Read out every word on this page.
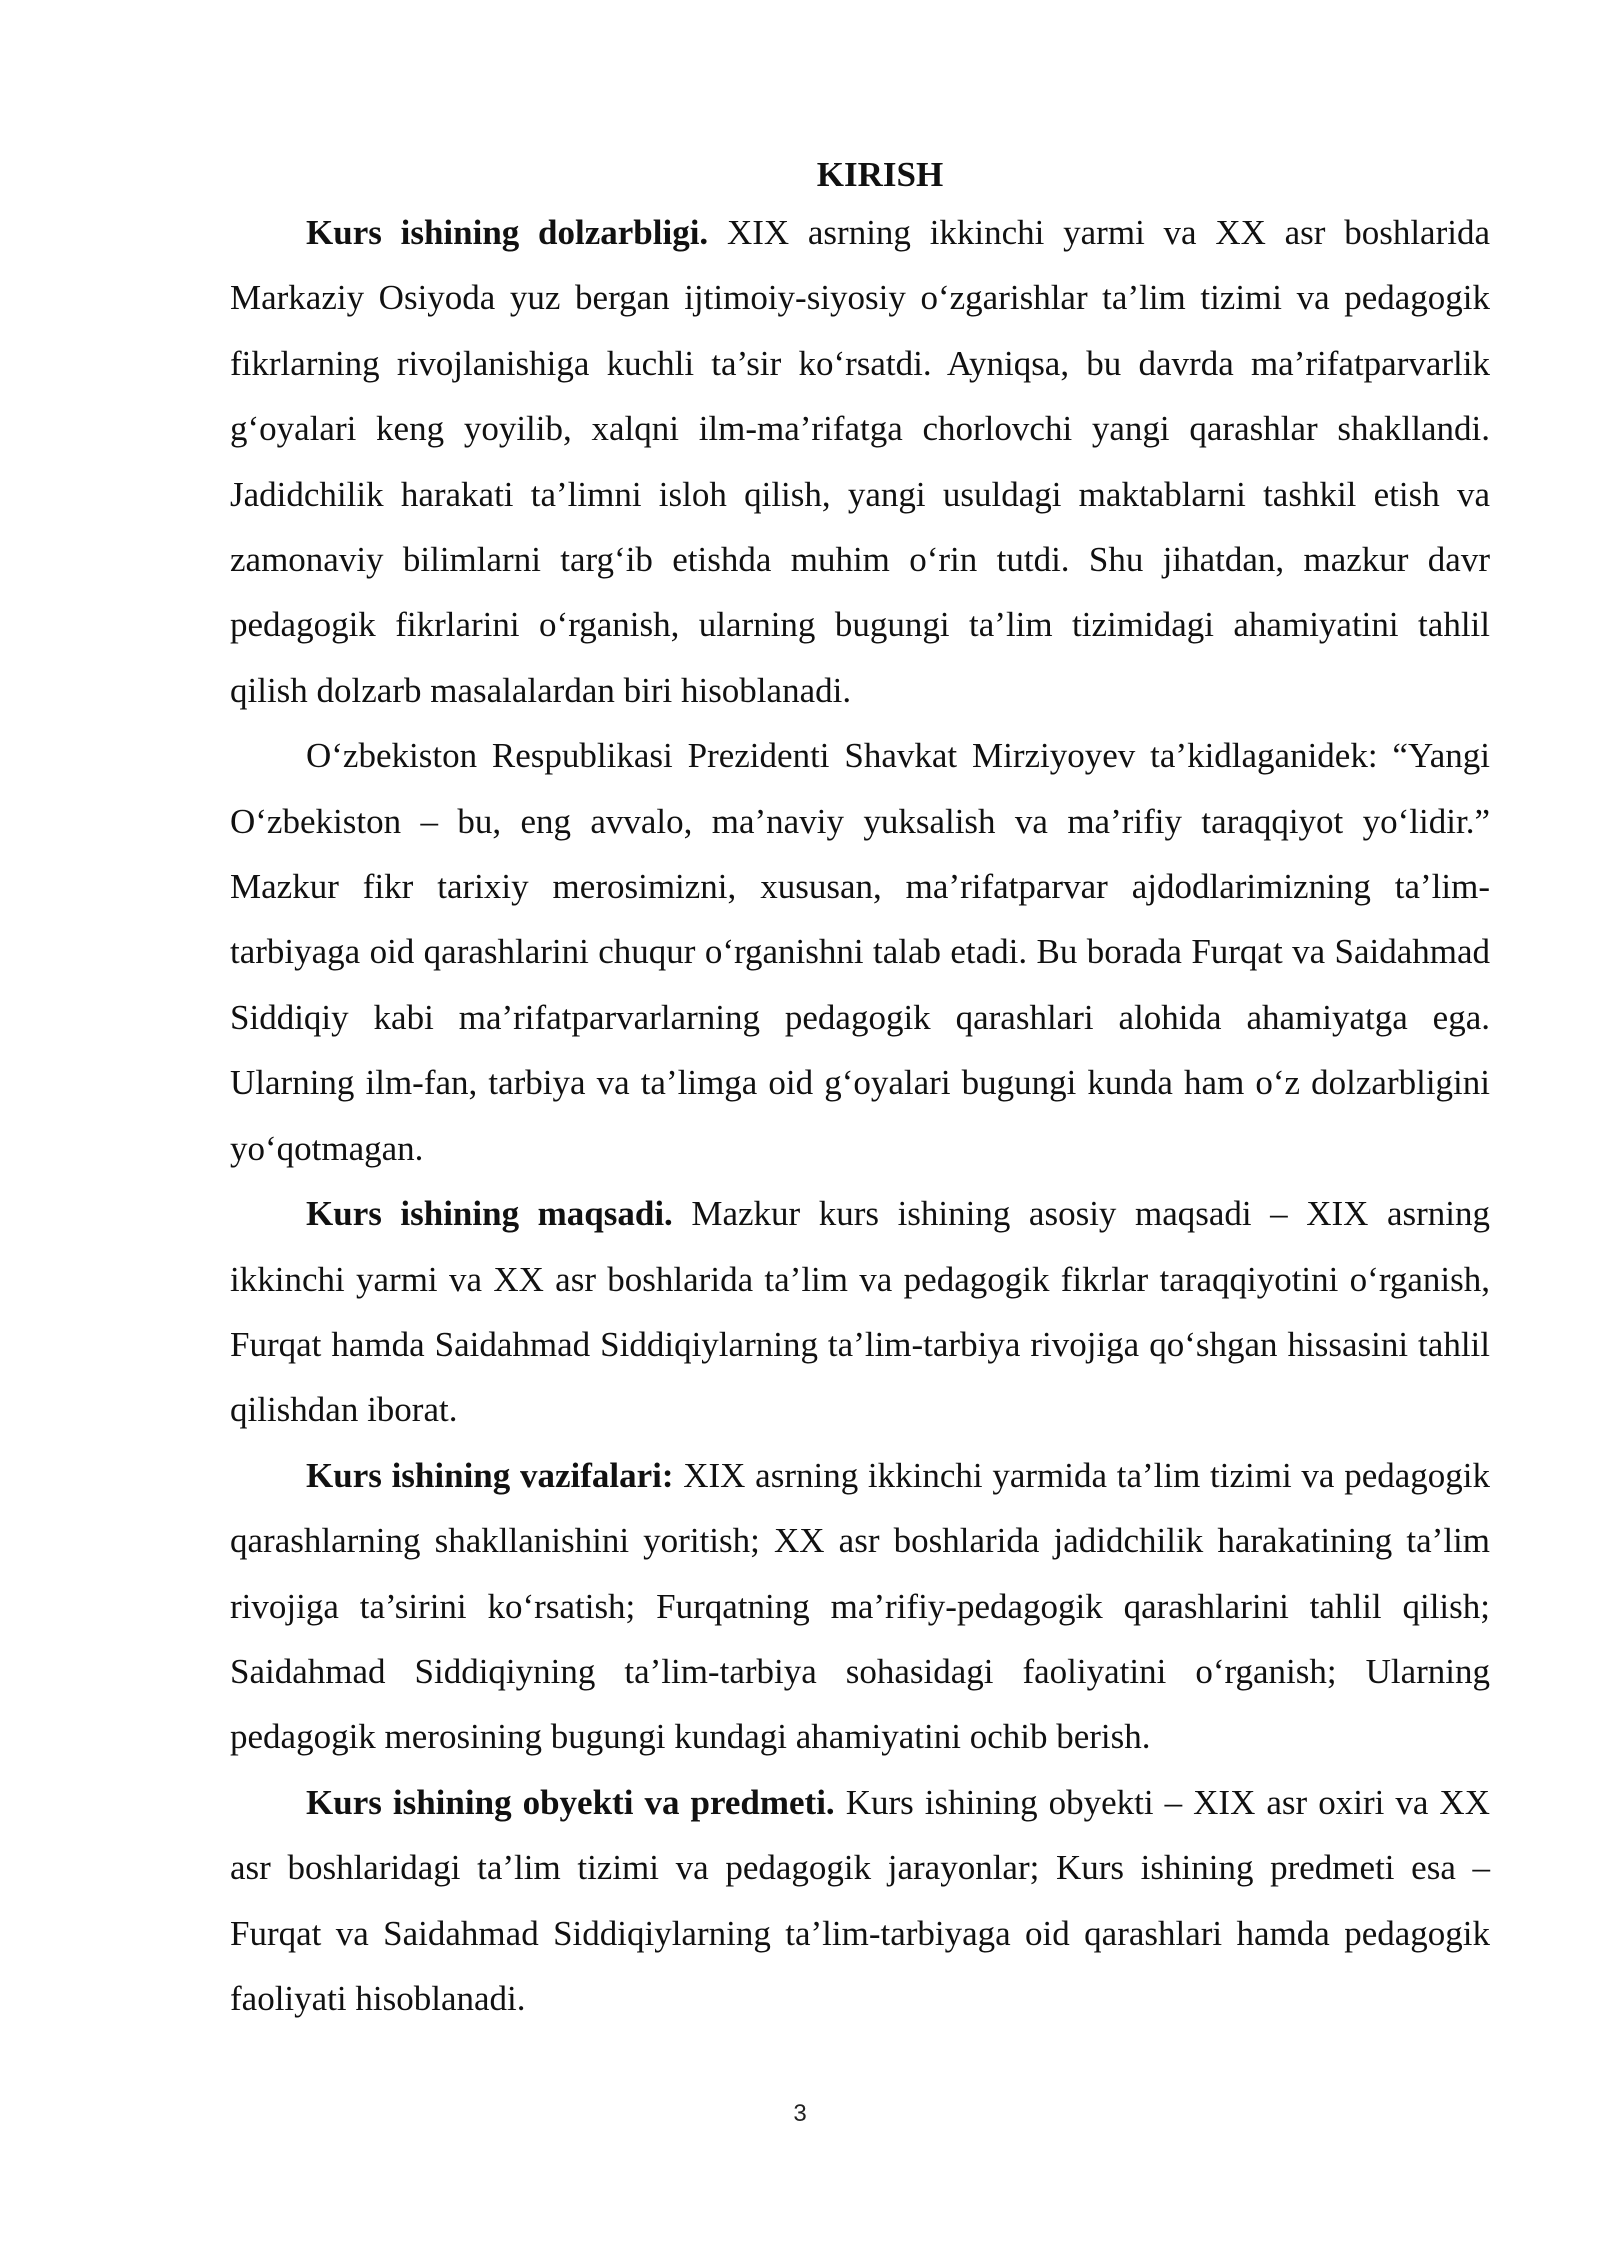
KIRISH

Kurs ishining dolzarbligi. XIX asrning ikkinchi yarmi va XX asr boshlarida Markaziy Osiyoda yuz bergan ijtimoiy-siyosiy o‘zgarishlar ta’lim tizimi va pedagogik fikrlarning rivojlanishiga kuchli ta’sir ko‘rsatdi. Ayniqsa, bu davrda ma’rifatparvarlik g‘oyalari keng yoyilib, xalqni ilm-ma’rifatga chorlovchi yangi qarashlar shakllandi. Jadidchilik harakati ta’limni isloh qilish, yangi usuldagi maktablarni tashkil etish va zamonaviy bilimlarni targ‘ib etishda muhim o‘rin tutdi. Shu jihatdan, mazkur davr pedagogik fikrlarini o‘rganish, ularning bugungi ta’lim tizimidagi ahamiyatini tahlil qilish dolzarb masalalardan biri hisoblanadi.

O‘zbekiston Respublikasi Prezidenti Shavkat Mirziyoyev ta’kidlaganidek: “Yangi O‘zbekiston – bu, eng avvalo, ma’naviy yuksalish va ma’rifiy taraqqiyot yo‘lidir.” Mazkur fikr tarixiy merosimizni, xususan, ma’rifatparvar ajdodlarimizning ta’lim-tarbiyaga oid qarashlarini chuqur o‘rganishni talab etadi. Bu borada Furqat va Saidahmad Siddiqiy kabi ma’rifatparvarlarning pedagogik qarashlari alohida ahamiyatga ega. Ularning ilm-fan, tarbiya va ta’limga oid g‘oyalari bugungi kunda ham o‘z dolzarbligini yo‘qotmagan.

Kurs ishining maqsadi. Mazkur kurs ishining asosiy maqsadi – XIX asrning ikkinchi yarmi va XX asr boshlarida ta’lim va pedagogik fikrlar taraqqiyotini o‘rganish, Furqat hamda Saidahmad Siddiqiylarning ta’lim-tarbiya rivojiga qo‘shgan hissasini tahlil qilishdan iborat.

Kurs ishining vazifalari: XIX asrning ikkinchi yarmida ta’lim tizimi va pedagogik qarashlarning shakllanishini yoritish; XX asr boshlarida jadidchilik harakatining ta’lim rivojiga ta’sirini ko‘rsatish; Furqatning ma’rifiy-pedagogik qarashlarini tahlil qilish; Saidahmad Siddiqiyning ta’lim-tarbiya sohasidagi faoliyatini o‘rganish; Ularning pedagogik merosining bugungi kundagi ahamiyatini ochib berish.

Kurs ishining obyekti va predmeti. Kurs ishining obyekti – XIX asr oxiri va XX asr boshlaridagi ta’lim tizimi va pedagogik jarayonlar; Kurs ishining predmeti esa – Furqat va Saidahmad Siddiqiylarning ta’lim-tarbiyaga oid qarashlari hamda pedagogik faoliyati hisoblanadi.

3
